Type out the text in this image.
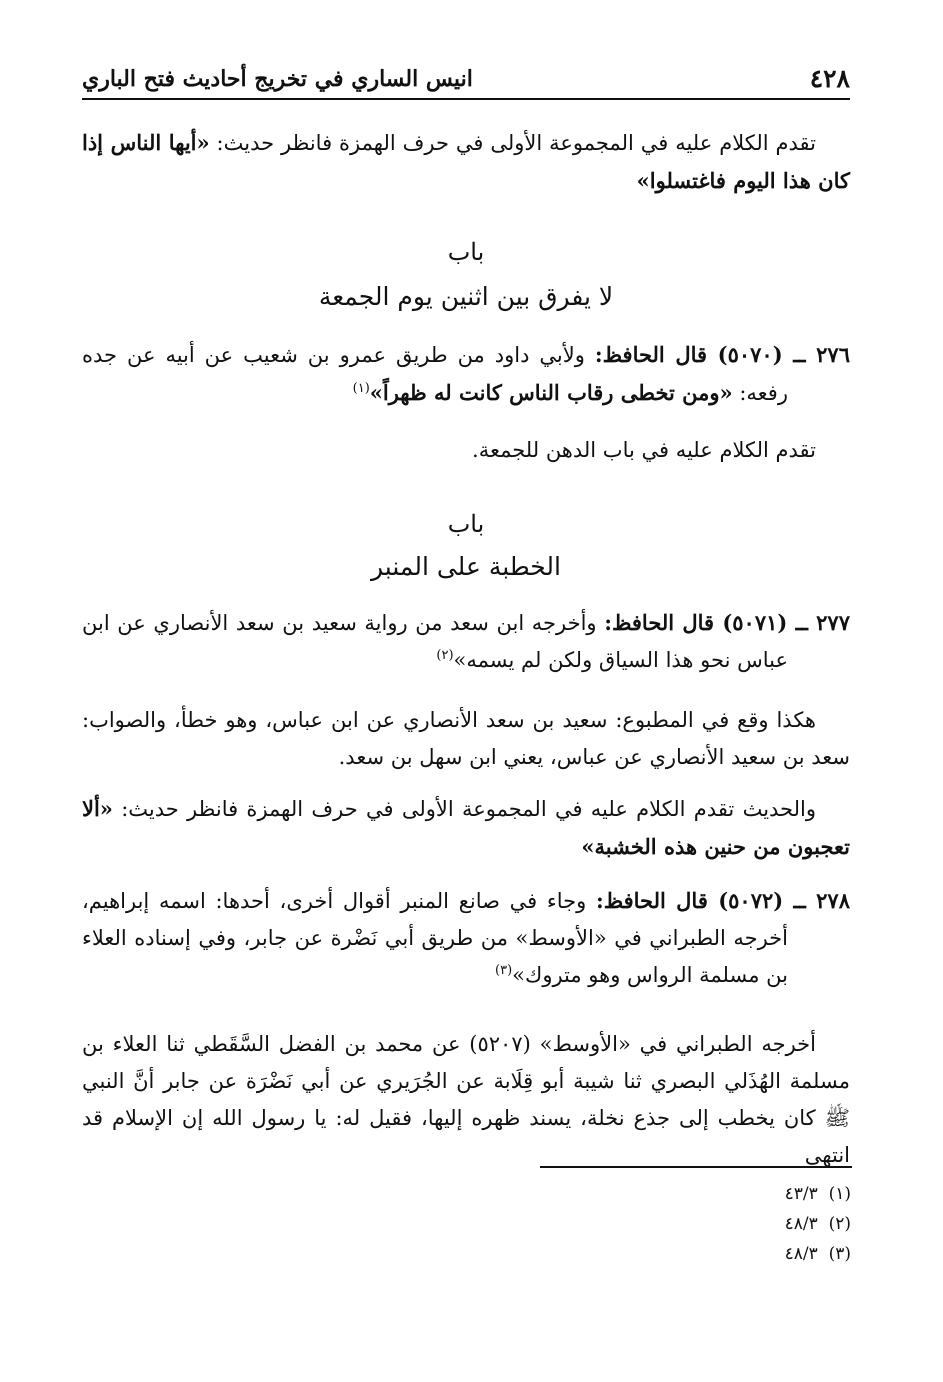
٤٢٨
انيس الساري في تخريج أحاديث فتح الباري
تقدم الكلام عليه في المجموعة الأولى في حرف الهمزة فانظر حديث: «أيها الناس إذا كان هذا اليوم فاغتسلوا»
باب
لا يفرق بين اثنين يوم الجمعة
٢٧٦ ــ (٥٠٧٠) قال الحافظ: ولأبي داود من طريق عمرو بن شعيب عن أبيه عن جده رفعه: «ومن تخطى رقاب الناس كانت له ظهراً»$^{(١)}$
تقدم الكلام عليه في باب الدهن للجمعة.
باب
الخطبة على المنبر
٢٧٧ ــ (٥٠٧١) قال الحافظ: وأخرجه ابن سعد من رواية سعيد بن سعد الأنصاري عن ابن عباس نحو هذا السياق ولكن لم يسمه»$^{(٢)}$
هكذا وقع في المطبوع: سعيد بن سعد الأنصاري عن ابن عباس، وهو خطأ، والصواب: سعد بن سعيد الأنصاري عن عباس، يعني ابن سهل بن سعد.
والحديث تقدم الكلام عليه في المجموعة الأولى في حرف الهمزة فانظر حديث: «ألا تعجبون من حنين هذه الخشبة»
٢٧٨ ــ (٥٠٧٢) قال الحافظ: وجاء في صانع المنبر أقوال أخرى، أحدها: اسمه إبراهيم، أخرجه الطبراني في «الأوسط» من طريق أبي نَضْرة عن جابر، وفي إسناده العلاء بن مسلمة الرواس وهو متروك»$^{(٣)}$
أخرجه الطبراني في «الأوسط» (٥٢٠٧) عن محمد بن الفضل السَّقَطي ثنا العلاء بن مسلمة الهُذَلي البصري ثنا شيبة أبو قِلَابة عن الجُرَيري عن أبي نَضْرَة عن جابر أنَّ النبي ﷺ كان يخطب إلى جذع نخلة، يسند ظهره إليها، فقيل له: يا رسول الله إن الإسلام قد انتهى
(١)  ٤٣/٣
(٢)  ٤٨/٣
(٣)  ٤٨/٣
